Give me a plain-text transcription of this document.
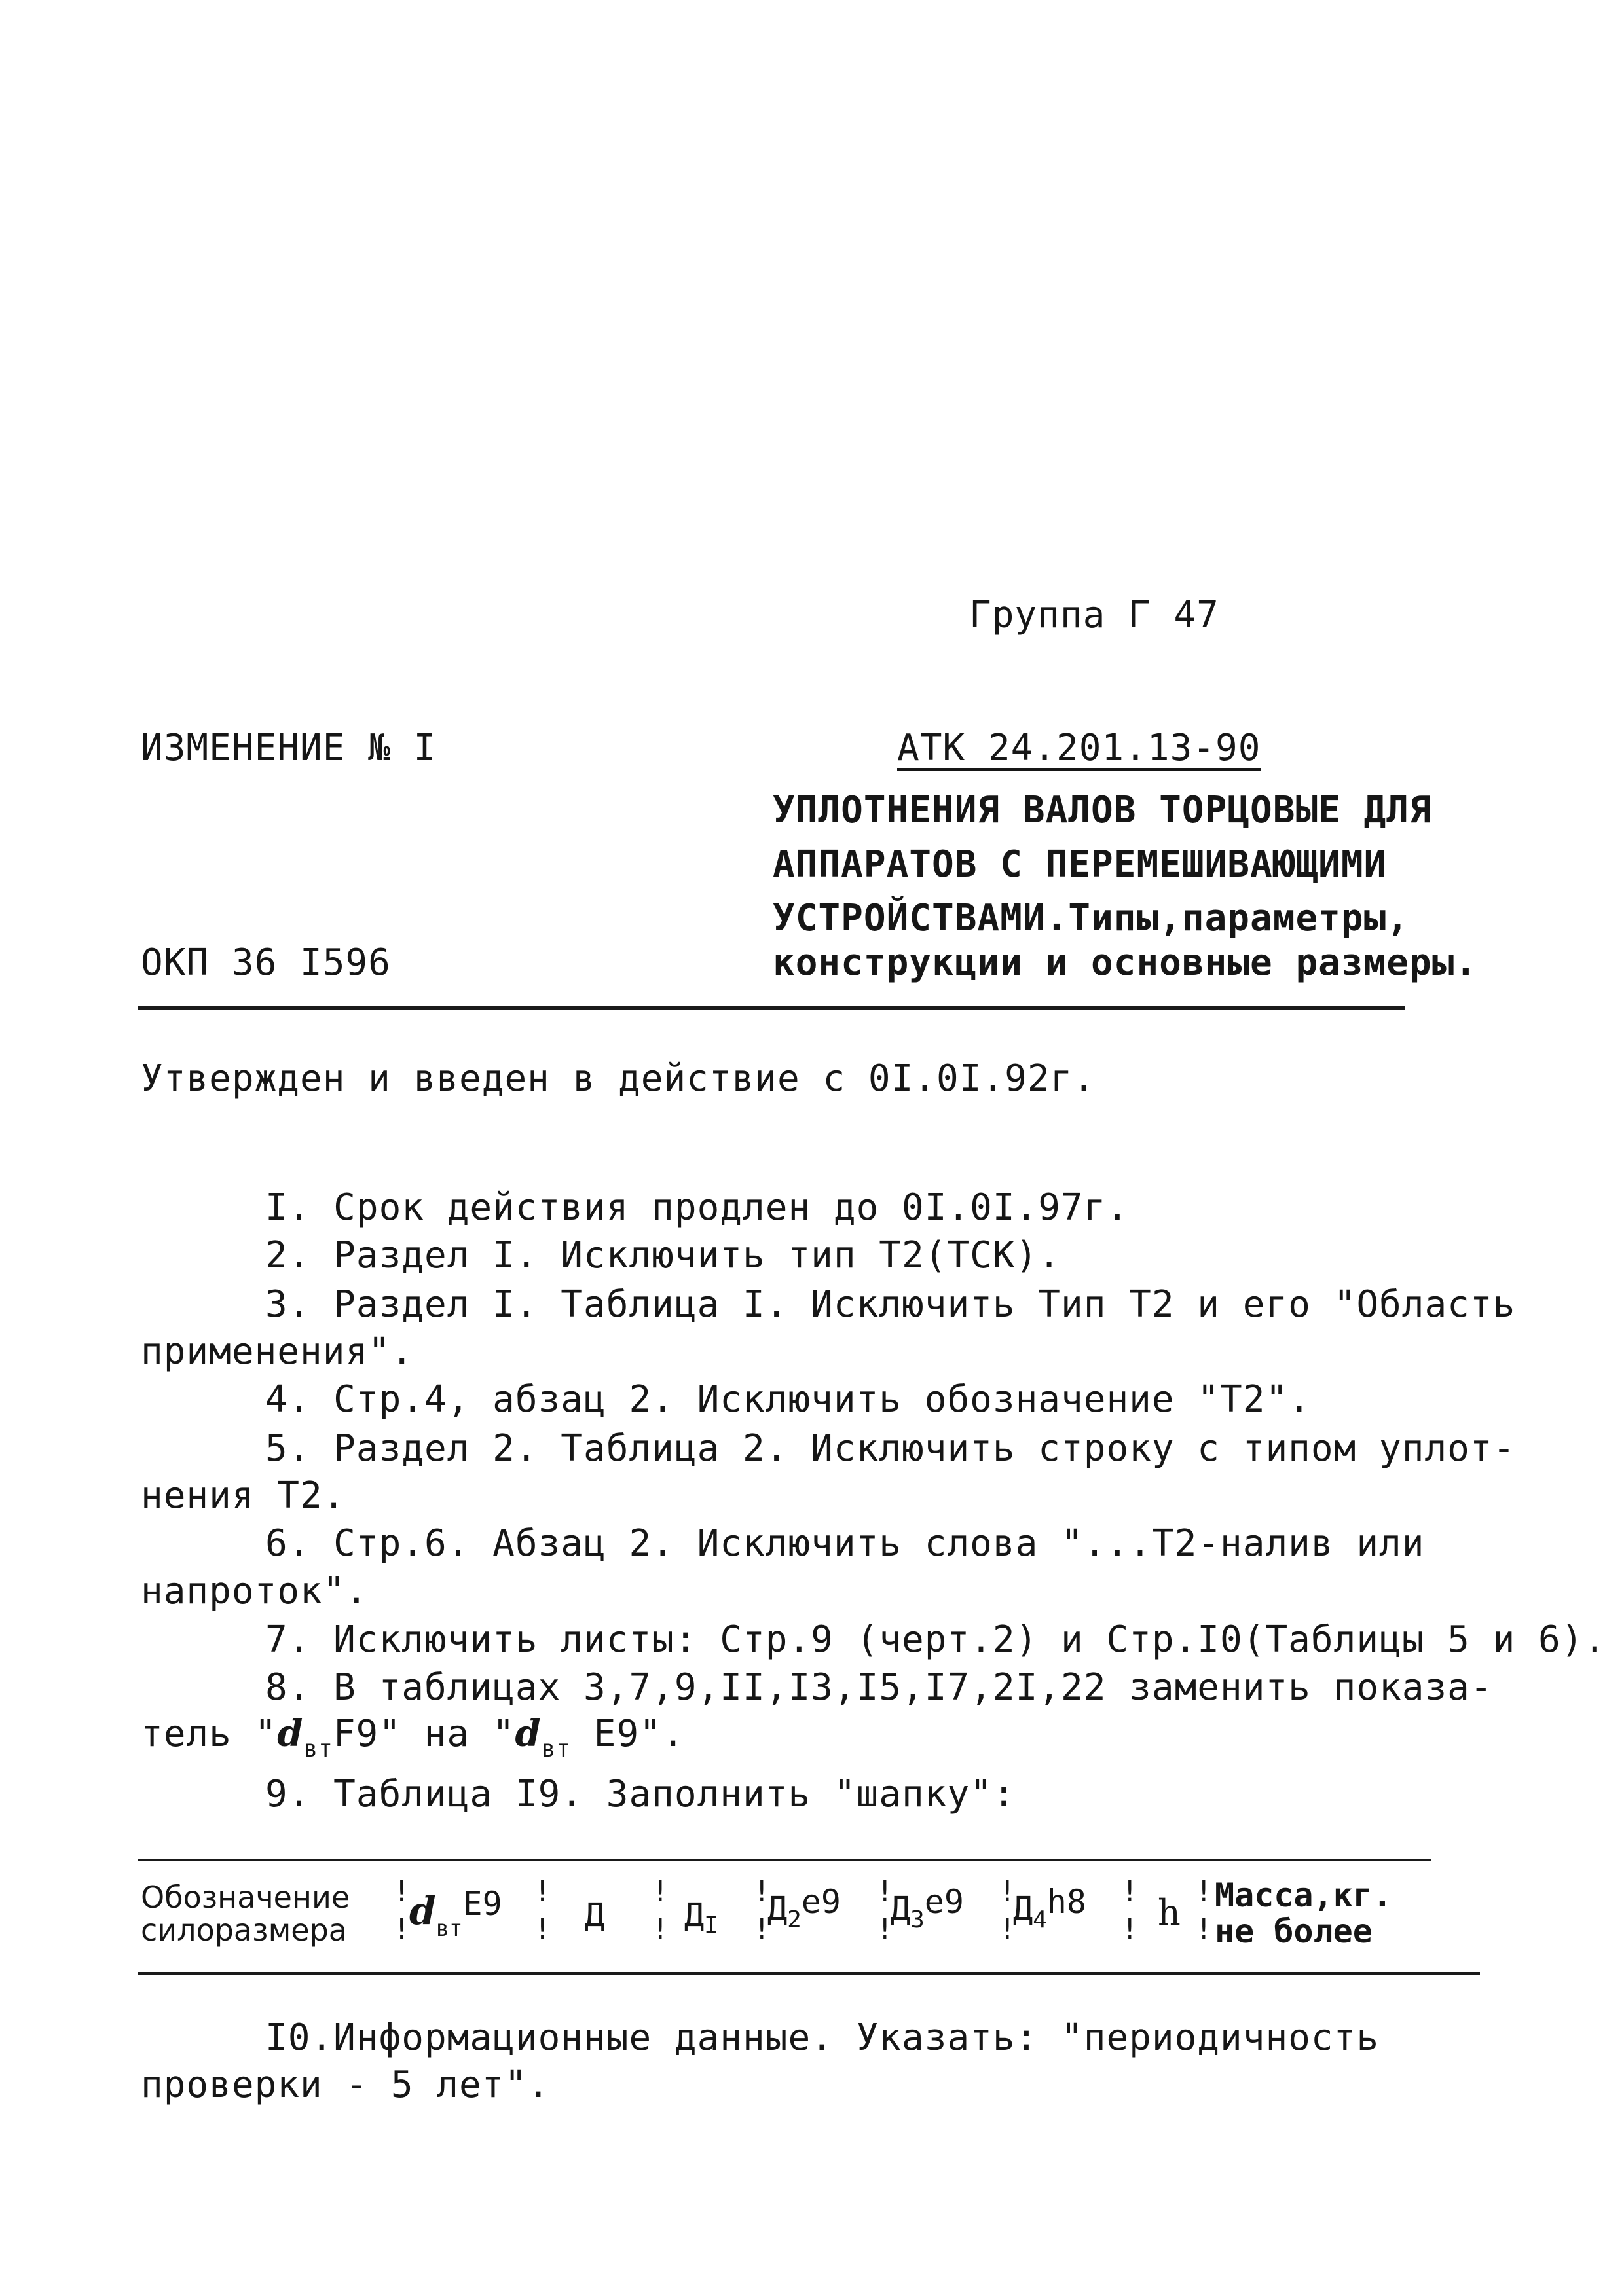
Группа Г 47
ИЗМЕНЕНИЕ № I	АТК 24.201.13-90
УПЛОТНЕНИЯ ВАЛОВ ТОРЦОВЫЕ ДЛЯ
АППАРАТОВ С ПЕРЕМЕШИВАЮЩИМИ
УСТРОЙСТВАМИ.Типы,параметры,
ОКП 36 I596	конструкции и основные размеры.
Утвержден и введен в действие с 0I.0I.92г.
I. Срок действия продлен до 0I.0I.97г.
2. Раздел I. Исключить тип Т2(ТСК).
3. Раздел I. Таблица I. Исключить Тип Т2 и его "Область
применения".
4. Стр.4, абзац 2. Исключить обозначение "Т2".
5. Раздел 2. Таблица 2. Исключить строку с типом уплот-
нения Т2.
6. Стр.6. Абзац 2. Исключить слова "...Т2-налив или
напроток".
7. Исключить листы: Стр.9 (черт.2) и Стр.I0(Таблицы 5 и 6).
8. В таблицах 3,7,9,II,I3,I5,I7,2I,22 заменить показа-
тель "$d_{вт}F9$" на "$d_{вт}$ Е9".
9. Таблица I9. Заполнить "шапку":
Обозначение
силоразмера
!
!
$d_{вт}Е9$ !
! Д
!
! $Д_I$
!
!
$Д_2е9$ !
!
$Д_3е9$ !
!
$Д_4h8$ !
! h
!
!
Масса,кг.
не более
I0.Информационные данные. Указать: "периодичность
проверки - 5 лет".
